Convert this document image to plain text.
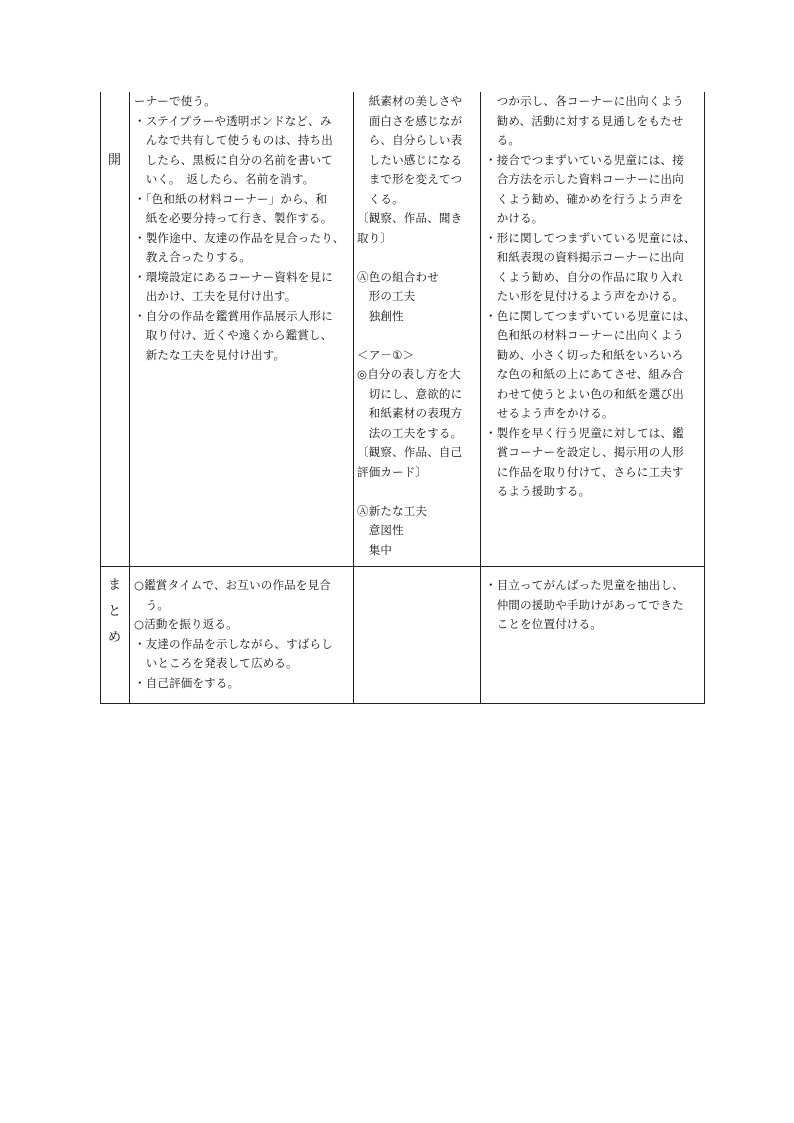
開
ま
と
め
ーナーで使う。
・ステイプラーや透明ボンドなど、み
　んなで共有して使うものは、持ち出
　したら、黒板に自分の名前を書いて
　いく。　返したら、名前を消す。
・「色和紙の材料コーナー」から、和
　紙を必要分持って行き、製作する。
・製作途中、友達の作品を見合ったり、
　教え合ったりする。
・環境設定にあるコーナー資料を見に
　出かけ、工夫を見付け出す。
・自分の作品を鑑賞用作品展示人形に
　取り付け、近くや遠くから鑑賞し、
　新たな工夫を見付け出す。
○鑑賞タイムで、お互いの作品を見合
　う。
○活動を振り返る。
・友達の作品を示しながら、すばらし
　いところを発表して広める。
・自己評価をする。
　紙素材の美しさや
　面白さを感じなが
　ら、自分らしい表
　したい感じになる
　まで形を変えてつ
　くる。
〔観察、作品、聞き
取り〕
Ⓐ色の組合わせ
　形の工夫
　独創性
＜ア－①＞
◎自分の表し方を大
　切にし、意欲的に
　和紙素材の表現方
　法の工夫をする。
〔観察、作品、自己
評価カード〕
Ⓐ新たな工夫
　意図性
　集中
　つか示し、各コーナーに出向くよう
　勧め、活動に対する見通しをもたせ
　る。
・接合でつまずいている児童には、接
　合方法を示した資料コーナーに出向
　くよう勧め、確かめを行うよう声を
　かける。
・形に関してつまずいている児童には、
　和紙表現の資料掲示コーナーに出向
　くよう勧め、自分の作品に取り入れ
　たい形を見付けるよう声をかける。
・色に関してつまずいている児童には、
　色和紙の材料コーナーに出向くよう
　勧め、小さく切った和紙をいろいろ
　な色の和紙の上にあてさせ、組み合
　わせて使うとよい色の和紙を選び出
　せるよう声をかける。
・製作を早く行う児童に対しては、鑑
　賞コーナーを設定し、掲示用の人形
　に作品を取り付けて、さらに工夫す
　るよう援助する。
・目立ってがんばった児童を抽出し、
　仲間の援助や手助けがあってできた
　ことを位置付ける。
